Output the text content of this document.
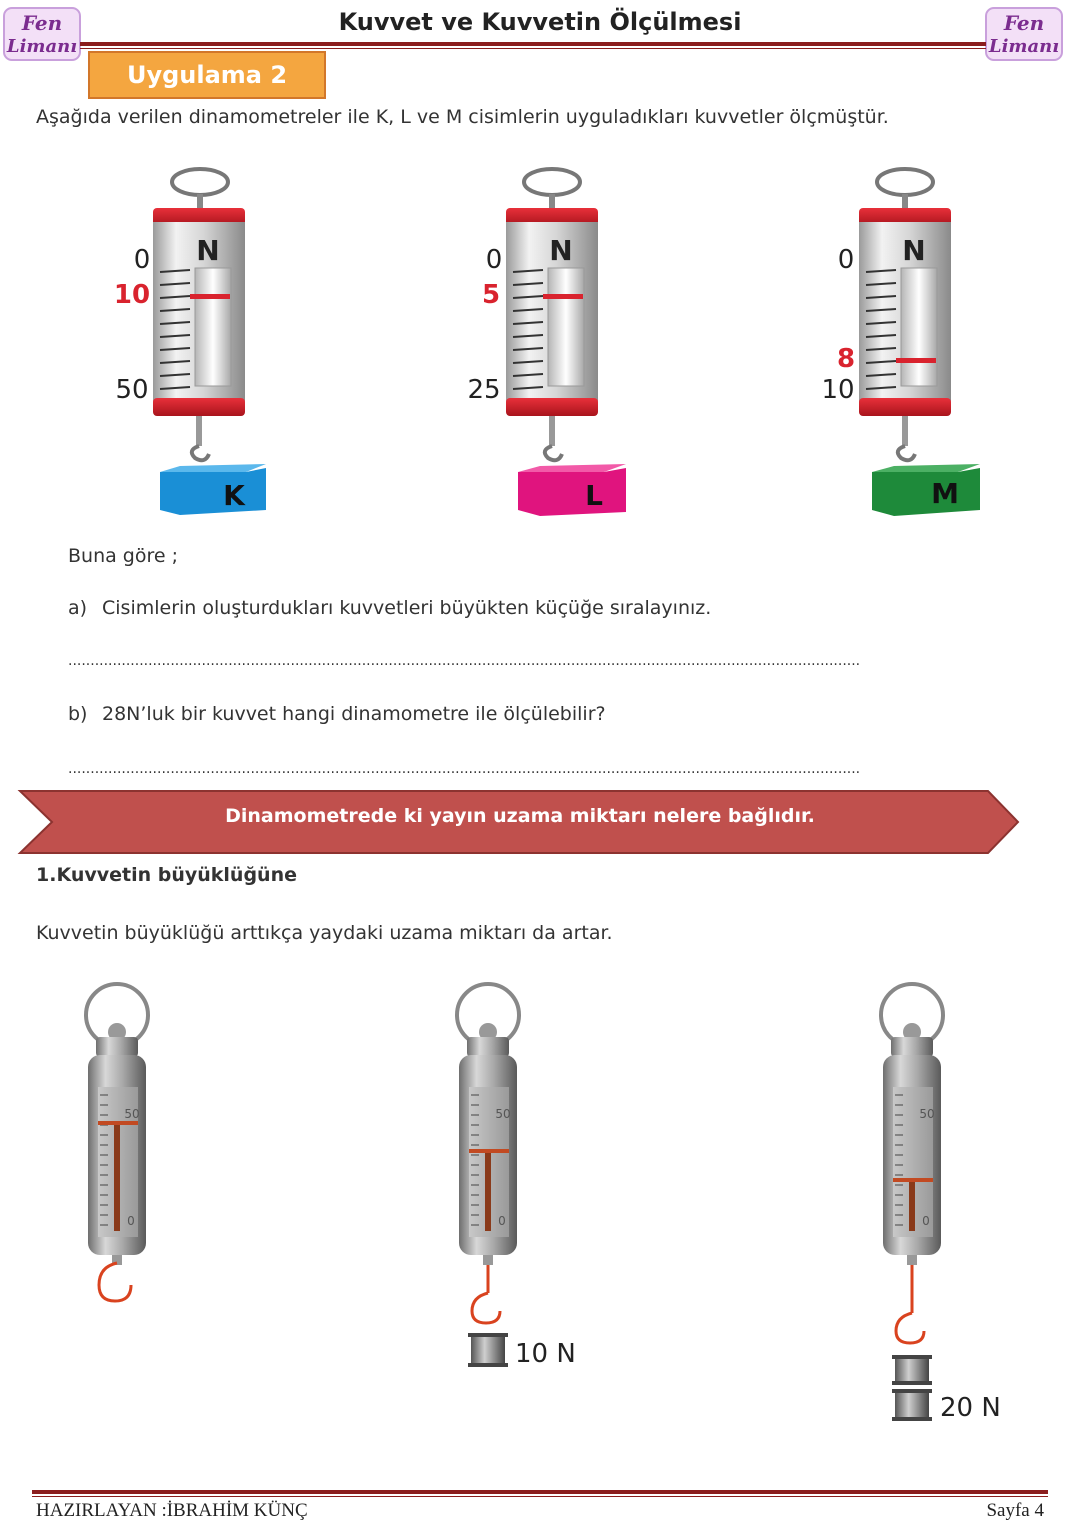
Fen
Limanı
Kuvvet ve Kuvvetin Ölçülmesi	Fen
Limanı
Uygulama 2
Aşağıda verilen dinamometreler ile K, L ve M cisimlerin uyguladıkları kuvvetler ölçmüştür.
N
0
10
50
K
N
0
5
25
L
N
0
8
10
M
Buna göre ;
a) Cisimlerin oluşturdukları kuvvetleri büyükten küçüğe sıralayınız.
..................................................................................................................................................................................
b) 28N’luk bir kuvvet hangi dinamometre ile ölçülebilir?
..................................................................................................................................................................................
Dinamometrede ki yayın uzama miktarı nelere bağlıdır.
1.Kuvvetin büyüklüğüne
Kuvvetin büyüklüğü arttıkça yaydaki uzama miktarı da artar.
50
0
50
0
10 N
50
0
20 N
HAZIRLAYAN :İBRAHİM KÜNÇ	Sayfa 4
